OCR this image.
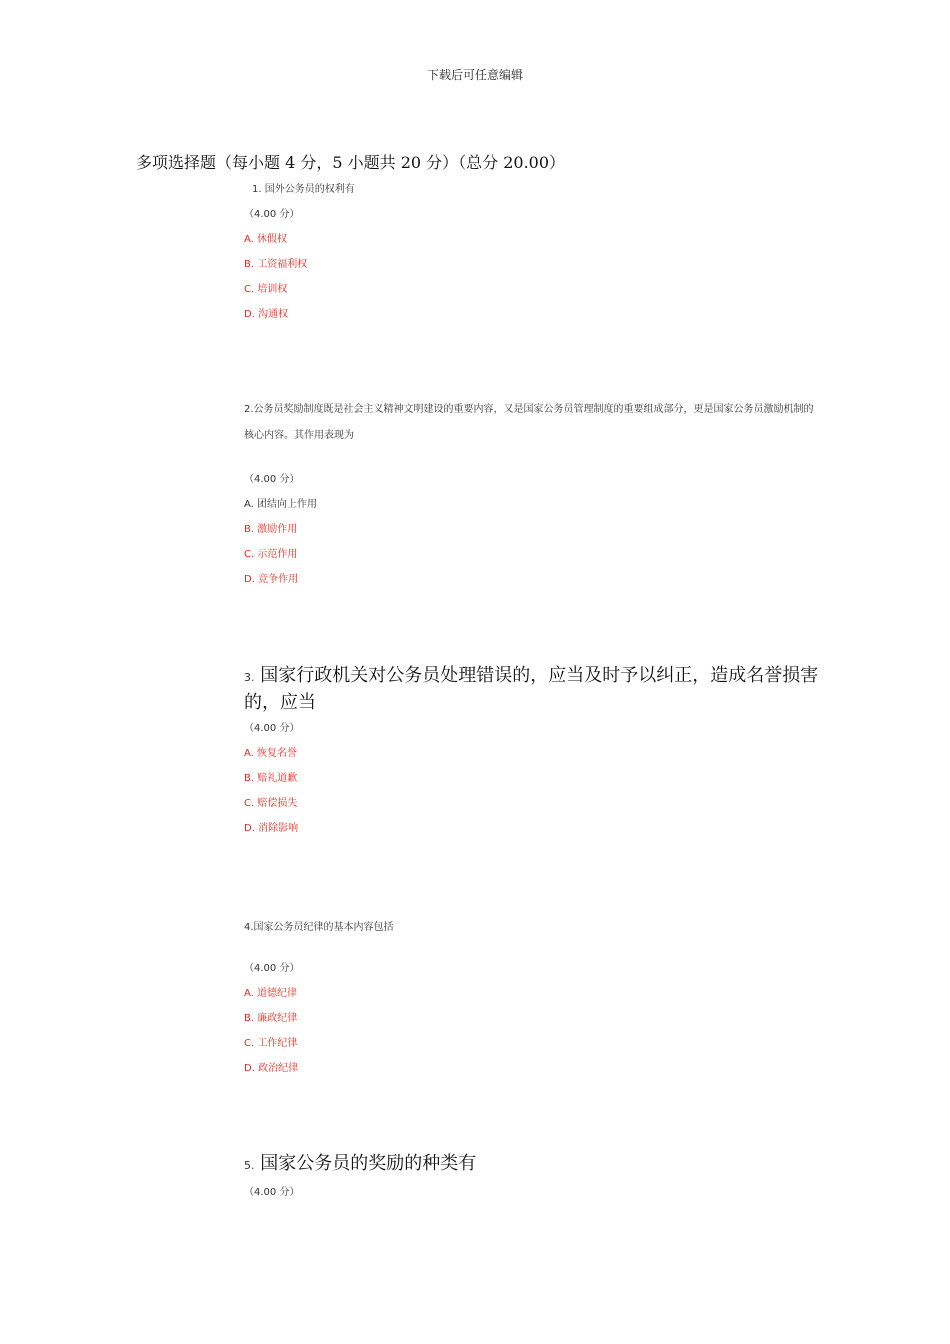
下载后可任意编辑
多项选择题（每小题 4 分，5 小题共 20 分）（总分 20.00）
1. 国外公务员的权利有
（4.00 分）
A. 休假权
B. 工资福利权
C. 培训权
D. 沟通权
2.公务员奖励制度既是社会主义精神文明建设的重要内容，又是国家公务员管理制度的重要组成部分，更是国家公务员激励机制的核心内容。其作用表现为
（4.00 分）
A. 团结向上作用
B. 激励作用
C. 示范作用
D. 竞争作用
3. 国家行政机关对公务员处理错误的，应当及时予以纠正，造成名誉损害的，应当
（4.00 分）
A. 恢复名誉
B. 赔礼道歉
C. 赔偿损失
D. 消除影响
4.国家公务员纪律的基本内容包括
（4.00 分）
A. 道德纪律
B. 廉政纪律
C. 工作纪律
D. 政治纪律
5. 国家公务员的奖励的种类有
（4.00 分）
